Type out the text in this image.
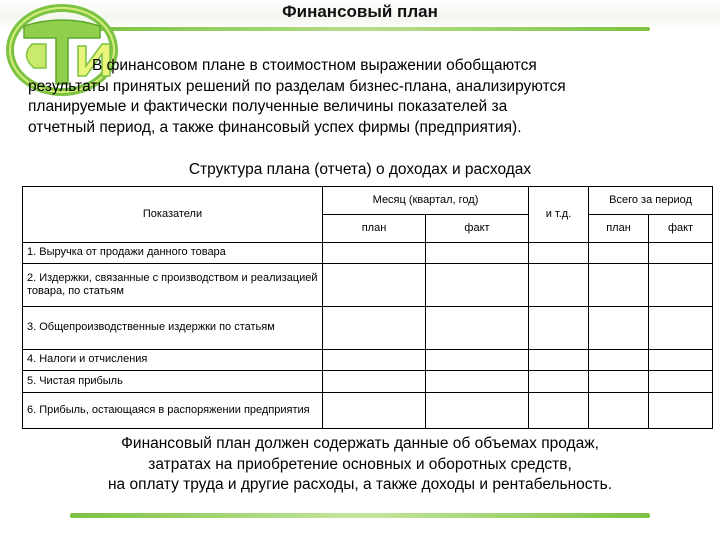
Финансовый план
В финансовом плане в стоимостном выражении обобщаются
результаты принятых решений по разделам бизнес-плана, анализируются
планируемые и фактически полученные величины показателей за
отчетный период, а также финансовый успех фирмы (предприятия).
Структура плана (отчета) о доходах и расходах
Показатели	Месяц (квартал, год)		и т.д.	Всего за период	
	план	факт		план	факт
1. Выручка от продажи данного товара					
2. Издержки, связанные с производством и реализацией товара, по статьям					
3. Общепроизводственные издержки по статьям					
4. Налоги и отчисления					
5. Чистая прибыль					
6. Прибыль, остающаяся в распоряжении предприятия					
Финансовый план должен содержать данные об объемах продаж,
затратах на приобретение основных и оборотных средств,
на оплату труда и другие расходы, а также доходы и рентабельность.
